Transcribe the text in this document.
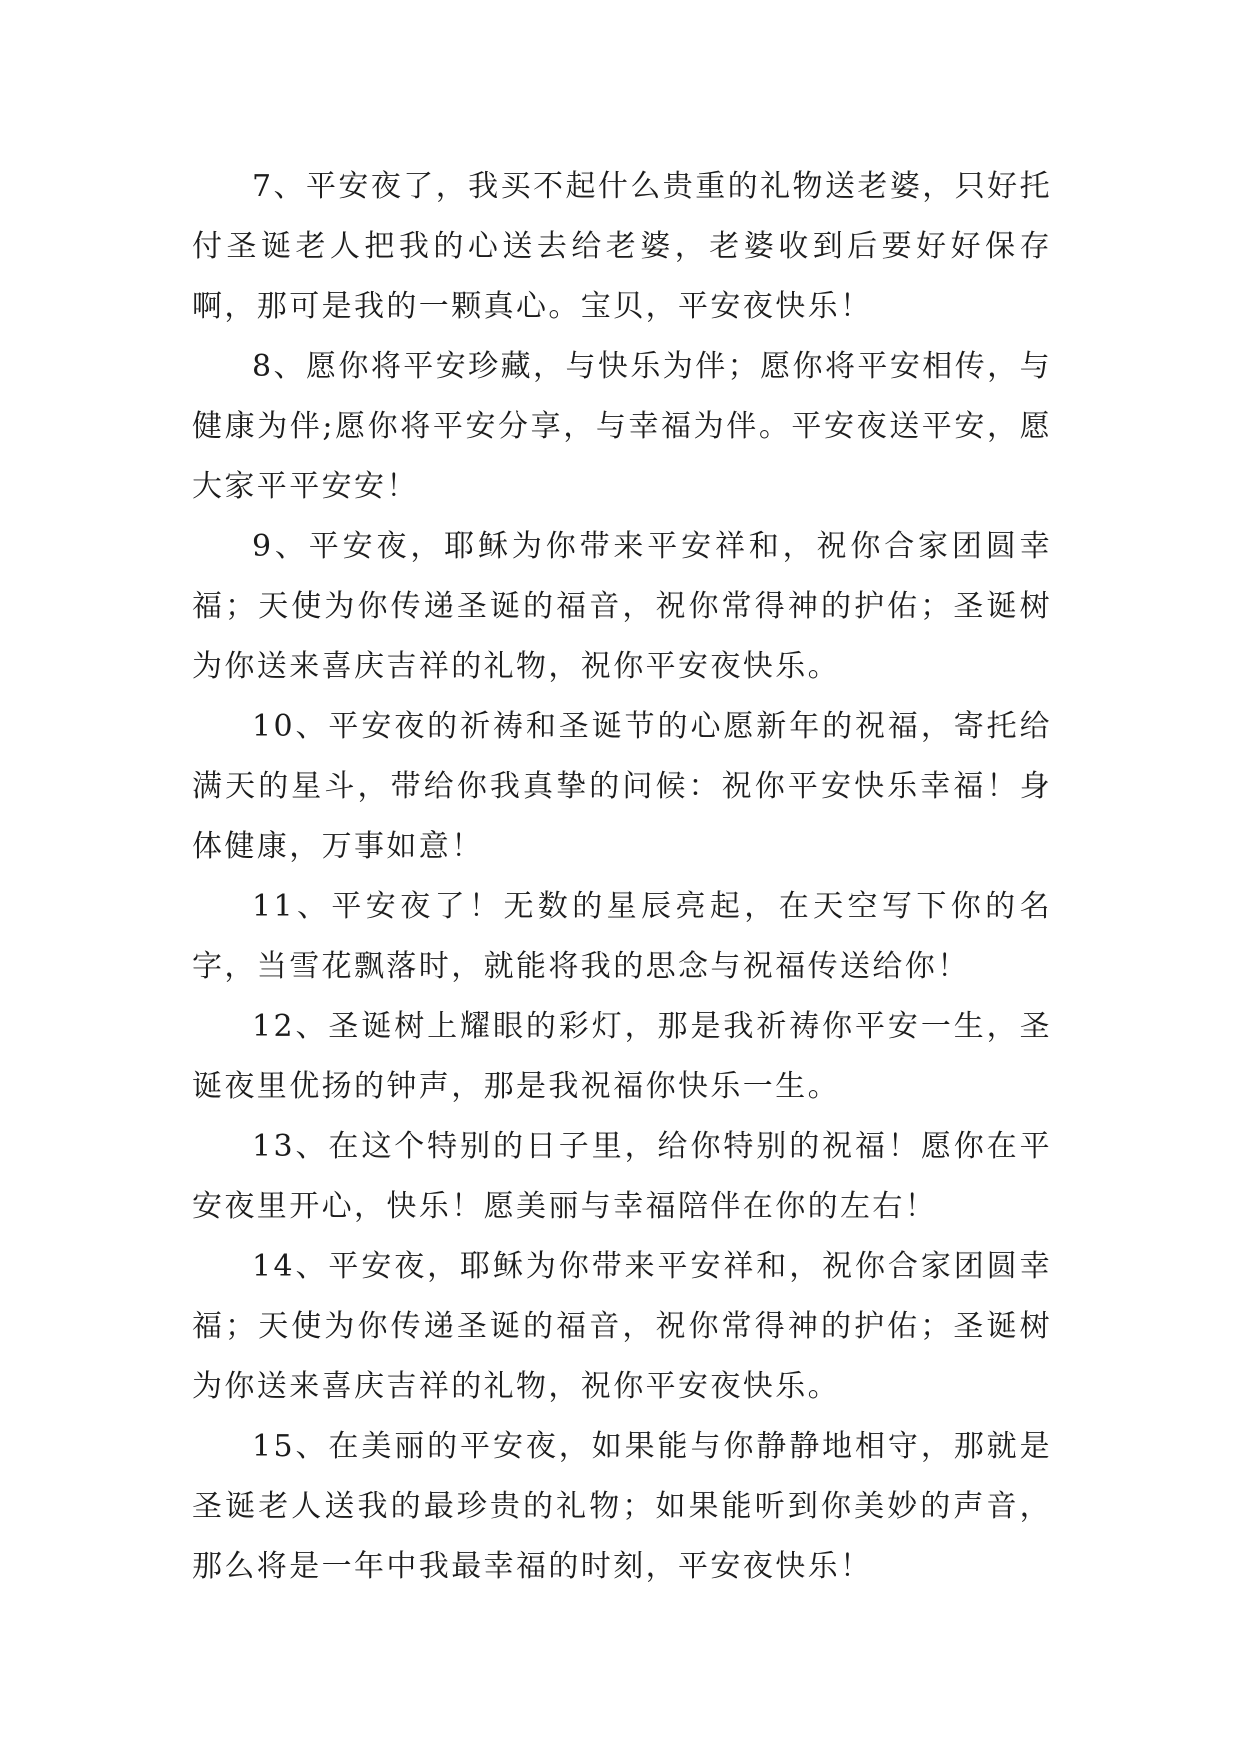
7、平安夜了，我买不起什么贵重的礼物送老婆，只好托付圣诞老人把我的心送去给老婆，老婆收到后要好好保存啊，那可是我的一颗真心。宝贝，平安夜快乐！

8、愿你将平安珍藏，与快乐为伴；愿你将平安相传，与健康为伴;愿你将平安分享，与幸福为伴。平安夜送平安，愿大家平平安安！

9、平安夜，耶稣为你带来平安祥和，祝你合家团圆幸福；天使为你传递圣诞的福音，祝你常得神的护佑；圣诞树为你送来喜庆吉祥的礼物，祝你平安夜快乐。

10、平安夜的祈祷和圣诞节的心愿新年的祝福，寄托给满天的星斗，带给你我真挚的问候：祝你平安快乐幸福！身体健康，万事如意！

11、平安夜了！无数的星辰亮起，在天空写下你的名字，当雪花飘落时，就能将我的思念与祝福传送给你！

12、圣诞树上耀眼的彩灯，那是我祈祷你平安一生，圣诞夜里优扬的钟声，那是我祝福你快乐一生。

13、在这个特别的日子里，给你特别的祝福！愿你在平安夜里开心，快乐！愿美丽与幸福陪伴在你的左右！

14、平安夜，耶稣为你带来平安祥和，祝你合家团圆幸福；天使为你传递圣诞的福音，祝你常得神的护佑；圣诞树为你送来喜庆吉祥的礼物，祝你平安夜快乐。

15、在美丽的平安夜，如果能与你静静地相守，那就是圣诞老人送我的最珍贵的礼物；如果能听到你美妙的声音，那么将是一年中我最幸福的时刻，平安夜快乐！
